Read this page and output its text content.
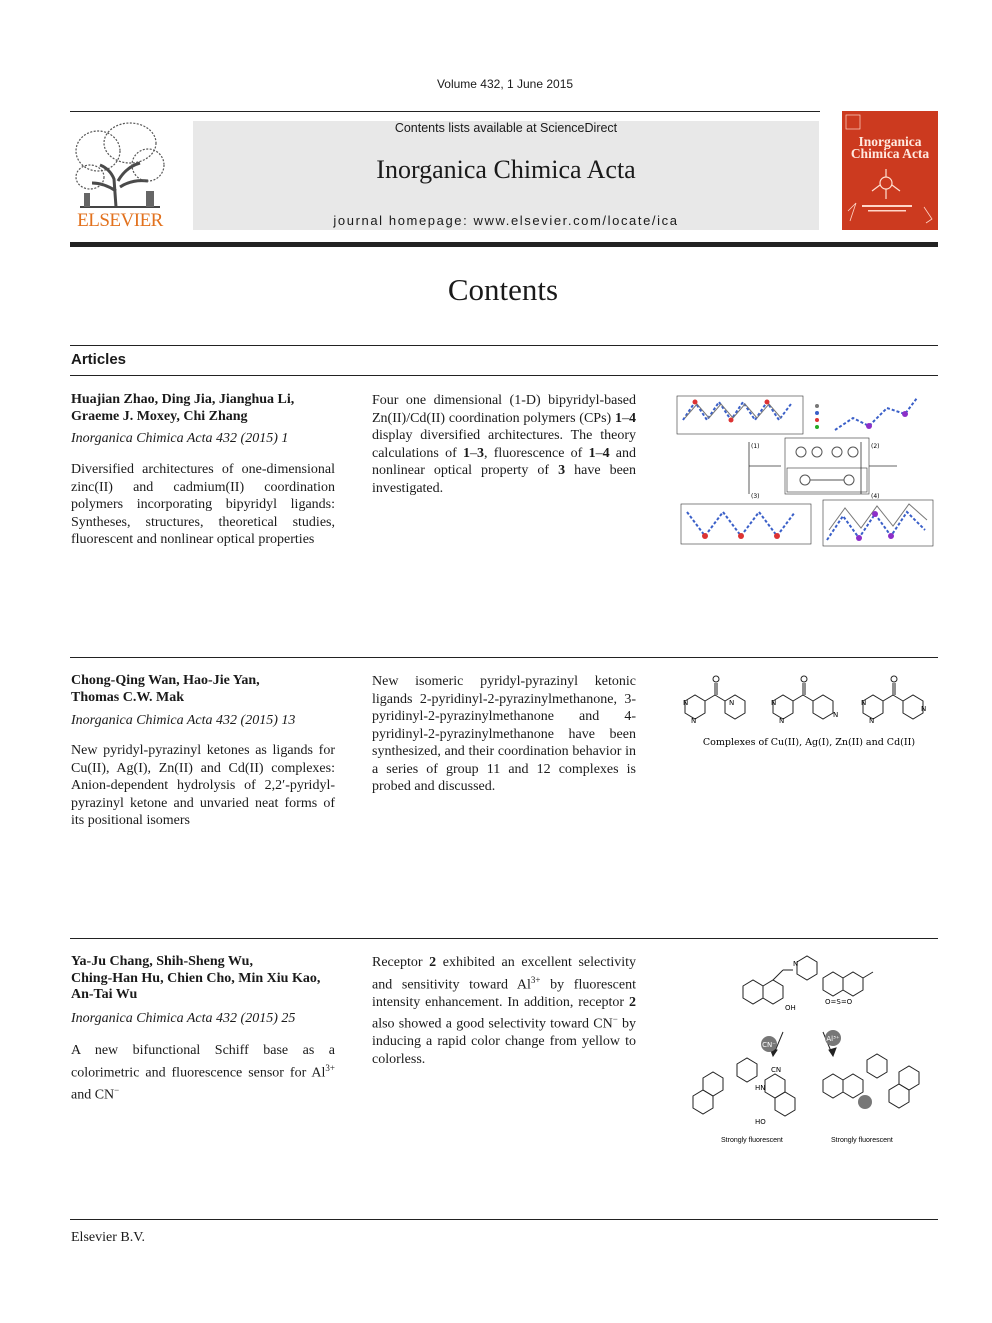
Volume 432, 1 June 2015
ELSEVIER
Contents lists available at ScienceDirect
Inorganica Chimica Acta
journal homepage: www.elsevier.com/locate/ica
Inorganica
Chimica Acta
Contents
Articles
Huajian Zhao, Ding Jia, Jianghua Li,
Graeme J. Moxey, Chi Zhang
Inorganica Chimica Acta 432 (2015) 1
Diversified architectures of one-dimensional zinc(II) and cadmium(II) coordination polymers incorporating bipyridyl ligands: Syntheses, structures, theoretical studies, fluorescent and nonlinear optical properties
Four one dimensional (1-D) bipyridyl-based Zn(II)/Cd(II) coordination polymers (CPs) 1–4 display diversified architectures. The theory calculations of 1–3, fluorescence of 1–4 and nonlinear optical property of 3 have been investigated.
(1)
(3)
(2)
(4)
Chong-Qing Wan, Hao-Jie Yan,
Thomas C.W. Mak
Inorganica Chimica Acta 432 (2015) 13
New pyridyl-pyrazinyl ketones as ligands for Cu(II), Ag(I), Zn(II) and Cd(II) complexes: Anion-dependent hydrolysis of 2,2′-pyridyl-pyrazinyl ketone and unvaried neat forms of its positional isomers
New isomeric pyridyl-pyrazinyl ketonic ligands 2-pyridinyl-2-pyrazinylmethanone, 3-pyridinyl-2-pyrazinylmethanone and 4-pyridinyl-2-pyrazinylmethanone have been synthesized, and their coordination behavior in a series of group 11 and 12 complexes is probed and discussed.
N
N
N	N
N
N
N
N
N
Complexes of Cu(II), Ag(I), Zn(II) and Cd(II)
Ya-Ju Chang, Shih-Sheng Wu,
Ching-Han Hu, Chien Cho, Min Xiu Kao,
An-Tai Wu
Inorganica Chimica Acta 432 (2015) 25
A new bifunctional Schiff base as a colorimetric and fluorescence sensor for $Al^{3+}$ and CN−
Receptor 2 exhibited an excellent selectivity and sensitivity toward $Al^{3+}$ by fluorescent intensity enhancement. In addition, receptor 2 also showed a good selectivity toward CN− by inducing a rapid color change from yellow to colorless.
CN⁻
Al³⁺
OH
N
O=S=O
HN
CN
HO
Strongly fluorescent	Strongly fluorescent
Elsevier B.V.
